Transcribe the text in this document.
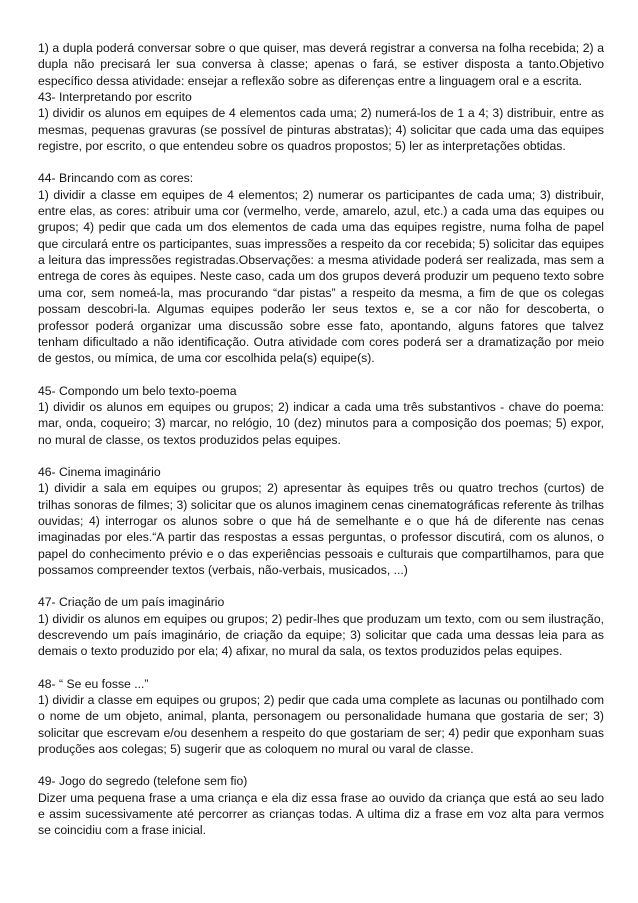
1) a dupla poderá conversar sobre o que quiser, mas deverá registrar a conversa na folha recebida; 2) a dupla não precisará ler sua conversa à classe; apenas o fará, se estiver disposta a tanto.Objetivo específico dessa atividade: ensejar a reflexão sobre as diferenças entre a linguagem oral e a escrita.

43- Interpretando por escrito
1) dividir os alunos em equipes de 4 elementos cada uma; 2) numerá-los de 1 a 4; 3) distribuir, entre as mesmas, pequenas gravuras (se possível de pinturas abstratas); 4) solicitar que cada uma das equipes registre, por escrito, o que entendeu sobre os quadros propostos; 5) ler as interpretações obtidas.
44- Brincando com as cores:
1) dividir a classe em equipes de 4 elementos; 2) numerar os participantes de cada uma; 3) distribuir, entre elas, as cores: atribuir uma cor (vermelho, verde, amarelo, azul, etc.) a cada uma das equipes ou grupos; 4) pedir que cada um dos elementos de cada uma das equipes registre, numa folha de papel que circulará entre os participantes, suas impressões a respeito da cor recebida; 5) solicitar das equipes a leitura das impressões registradas.Observações: a mesma atividade poderá ser realizada, mas sem a entrega de cores às equipes. Neste caso, cada um dos grupos deverá produzir um pequeno texto sobre uma cor, sem nomeá-la, mas procurando “dar pistas” a respeito da mesma, a fim de que os colegas possam descobri-la. Algumas equipes poderão ler seus textos e, se a cor não for descoberta, o professor poderá organizar uma discussão sobre esse fato, apontando, alguns fatores que talvez tenham dificultado a não identificação. Outra atividade com cores poderá ser a dramatização por meio de gestos, ou mímica, de uma cor escolhida pela(s) equipe(s).
45- Compondo um belo texto-poema
1) dividir os alunos em equipes ou grupos; 2) indicar a cada uma três substantivos - chave do poema: mar, onda, coqueiro; 3) marcar, no relógio, 10 (dez) minutos para a composição dos poemas; 5) expor, no mural de classe, os textos produzidos pelas equipes.
46- Cinema imaginário
1) dividir a sala em equipes ou grupos; 2) apresentar às equipes três ou quatro trechos (curtos) de trilhas sonoras de filmes; 3) solicitar que os alunos imaginem cenas cinematográficas referente às trilhas ouvidas; 4) interrogar os alunos sobre o que há de semelhante e o que há de diferente nas cenas imaginadas por eles.“A partir das respostas a essas perguntas, o professor discutirá, com os alunos, o papel do conhecimento prévio e o das experiências pessoais e culturais que compartilhamos, para que possamos compreender textos (verbais, não-verbais, musicados, ...)
47- Criação de um país imaginário
1) dividir os alunos em equipes ou grupos; 2) pedir-lhes que produzam um texto, com ou sem ilustração, descrevendo um país imaginário, de criação da equipe; 3) solicitar que cada uma dessas leia para as demais o texto produzido por ela; 4) afixar, no mural da sala, os textos produzidos pelas equipes.
48- “ Se eu fosse ...”
1) dividir a classe em equipes ou grupos; 2) pedir que cada uma complete as lacunas ou pontilhado com o nome de um objeto, animal, planta, personagem ou personalidade humana que gostaria de ser; 3) solicitar que escrevam e/ou desenhem a respeito do que gostariam de ser; 4) pedir que exponham suas produções aos colegas; 5) sugerir que as coloquem no mural ou varal de classe.
49- Jogo do segredo (telefone sem fio)
Dizer uma pequena frase a uma criança e ela diz essa frase ao ouvido da criança que está ao seu lado e assim sucessivamente até percorrer as crianças todas. A ultima diz a frase em voz alta para vermos se coincidiu com a frase inicial.
